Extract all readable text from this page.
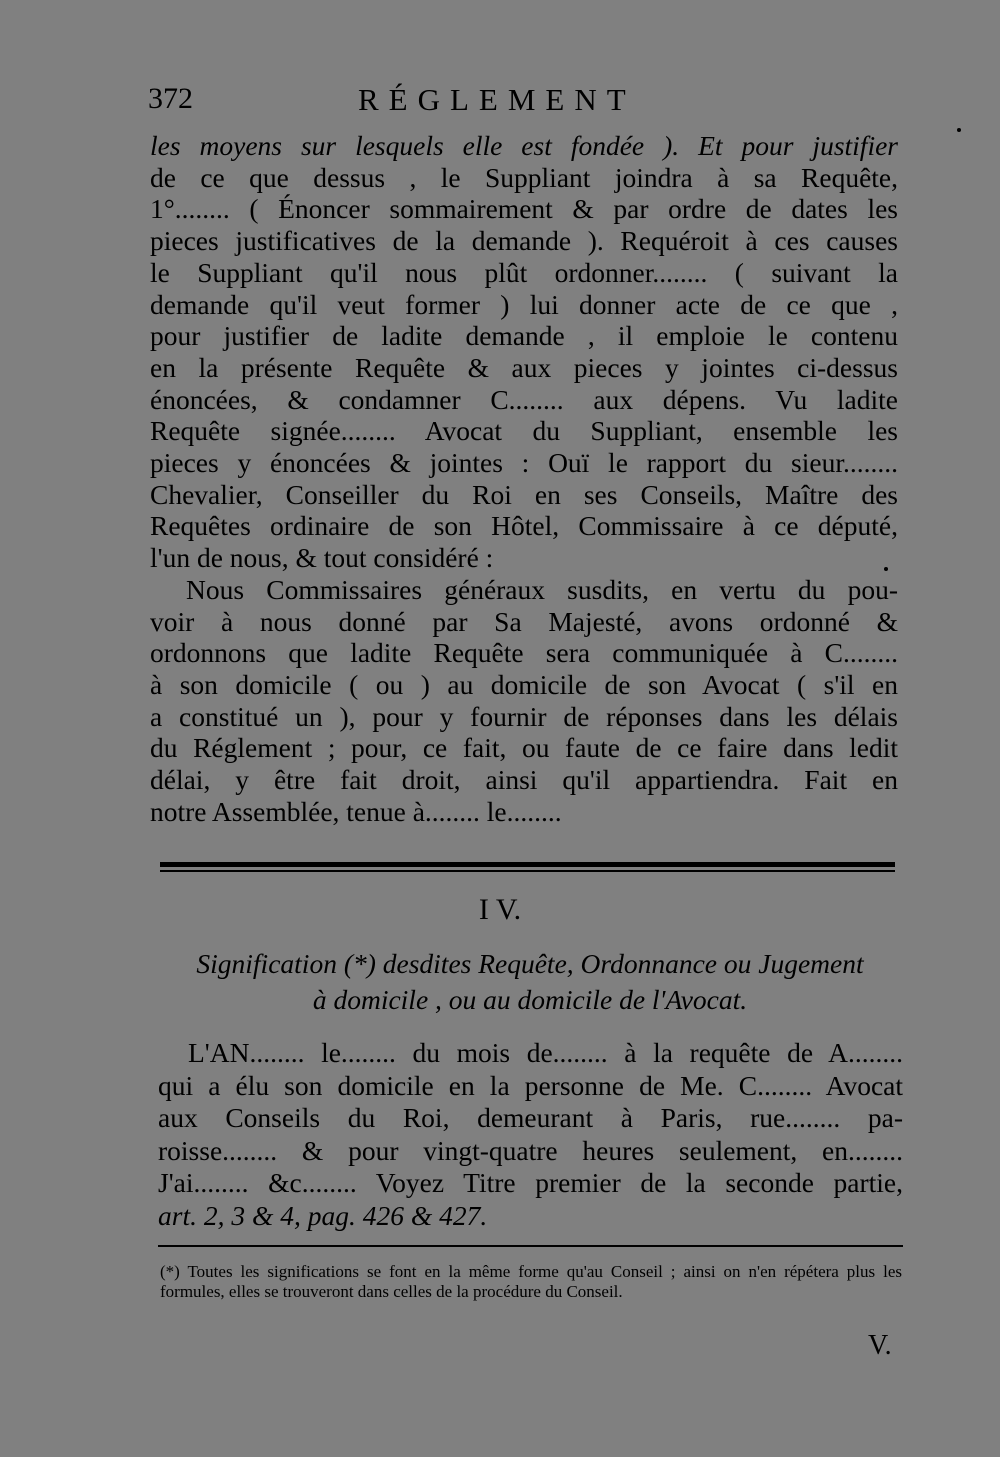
372	RÉGLEMENT

les moyens sur lesquels elle est fondée ). Et pour justifier
de ce que dessus , le Suppliant joindra à sa Requête,
1°........ ( Énoncer sommairement & par ordre de dates les
pieces justificatives de la demande ). Requéroit à ces causes
le Suppliant qu'il nous plût ordonner........ ( suivant la
demande qu'il veut former ) lui donner acte de ce que ,
pour justifier de ladite demande , il emploie le contenu
en la présente Requête & aux pieces y jointes ci-dessus
énoncées, & condamner C........ aux dépens. Vu ladite
Requête signée........ Avocat du Suppliant, ensemble les
pieces y énoncées & jointes : Ouï le rapport du sieur........
Chevalier, Conseiller du Roi en ses Conseils, Maître des
Requêtes ordinaire de son Hôtel, Commissaire à ce député,
l'un de nous, & tout considéré :

Nous Commissaires généraux susdits, en vertu du pou-
voir à nous donné par Sa Majesté, avons ordonné &
ordonnons que ladite Requête sera communiquée à C........
à son domicile ( ou ) au domicile de son Avocat ( s'il en
a constitué un ), pour y fournir de réponses dans les délais
du Réglement ; pour, ce fait, ou faute de ce faire dans ledit
délai, y être fait droit, ainsi qu'il appartiendra. Fait en
notre Assemblée, tenue à........ le........

I V.
Signification (*) desdites Requête, Ordonnance ou Jugement
à domicile , ou au domicile de l'Avocat.
L'AN........ le........ du mois de........ à la requête de A........
qui a élu son domicile en la personne de Me. C........ Avocat
aux Conseils du Roi, demeurant à Paris, rue........ pa-
roisse........ & pour vingt-quatre heures seulement, en........
J'ai........ &c........ Voyez Titre premier de la seconde partie,
art. 2, 3 & 4, pag. 426 & 427.
(*) Toutes les significations se font en la même forme qu'au Conseil ; ainsi on n'en répétera plus les formules, elles se trouveront dans celles de la procédure du Conseil.
V.
